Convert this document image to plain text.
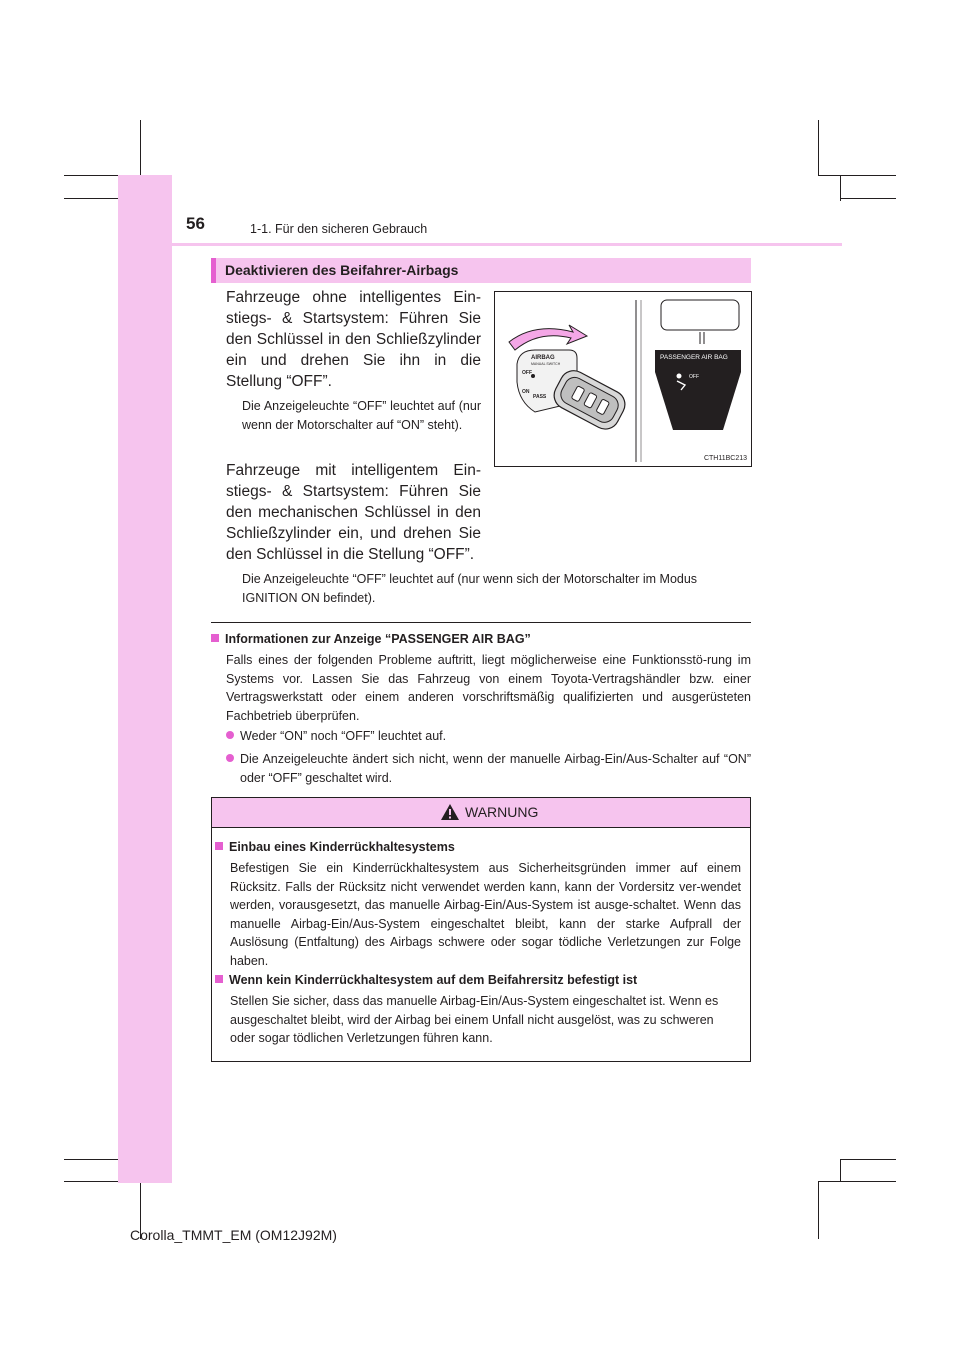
56	1-1. Für den sicheren Gebrauch
Deaktivieren des Beifahrer-Airbags
Fahrzeuge ohne intelligentes Ein-stiegs- & Startsystem: Führen Sie den Schlüssel in den Schließzylinder ein und drehen Sie ihn in die Stellung “OFF”.
Die Anzeigeleuchte “OFF” leuchtet auf (nur wenn der Motorschalter auf “ON” steht).
Fahrzeuge mit intelligentem Ein-stiegs- & Startsystem: Führen Sie den mechanischen Schlüssel in den Schließzylinder ein, und drehen Sie den Schlüssel in die Stellung “OFF”.
Die Anzeigeleuchte “OFF” leuchtet auf (nur wenn sich der Motorschalter im Modus IGNITION ON befindet).
AIRBAG
MANUAL SWITCH
OFF
ON
PASS
PASSENGER AIR BAG
OFF
CTH11BC213
Informationen zur Anzeige “PASSENGER AIR BAG”
Falls eines der folgenden Probleme auftritt, liegt möglicherweise eine Funktionsstö-rung im Systems vor. Lassen Sie das Fahrzeug von einem Toyota-Vertragshändler bzw. einer Vertragswerkstatt oder einem anderen vorschriftsmäßig qualifizierten und ausgerüsteten Fachbetrieb überprüfen.
Weder “ON” noch “OFF” leuchtet auf.
Die Anzeigeleuchte ändert sich nicht, wenn der manuelle Airbag-Ein/Aus-Schalter auf “ON” oder “OFF” geschaltet wird.
WARNUNG
Einbau eines Kinderrückhaltesystems
Befestigen Sie ein Kinderrückhaltesystem aus Sicherheitsgründen immer auf einem Rücksitz. Falls der Rücksitz nicht verwendet werden kann, kann der Vordersitz ver-wendet werden, vorausgesetzt, das manuelle Airbag-Ein/Aus-System ist ausge-schaltet. Wenn das manuelle Airbag-Ein/Aus-System eingeschaltet bleibt, kann der starke Aufprall der Auslösung (Entfaltung) des Airbags schwere oder sogar tödliche Verletzungen zur Folge haben.
Wenn kein Kinderrückhaltesystem auf dem Beifahrersitz befestigt ist
Stellen Sie sicher, dass das manuelle Airbag-Ein/Aus-System eingeschaltet ist. Wenn es ausgeschaltet bleibt, wird der Airbag bei einem Unfall nicht ausgelöst, was zu schweren oder sogar tödlichen Verletzungen führen kann.
Corolla_TMMT_EM (OM12J92M)
